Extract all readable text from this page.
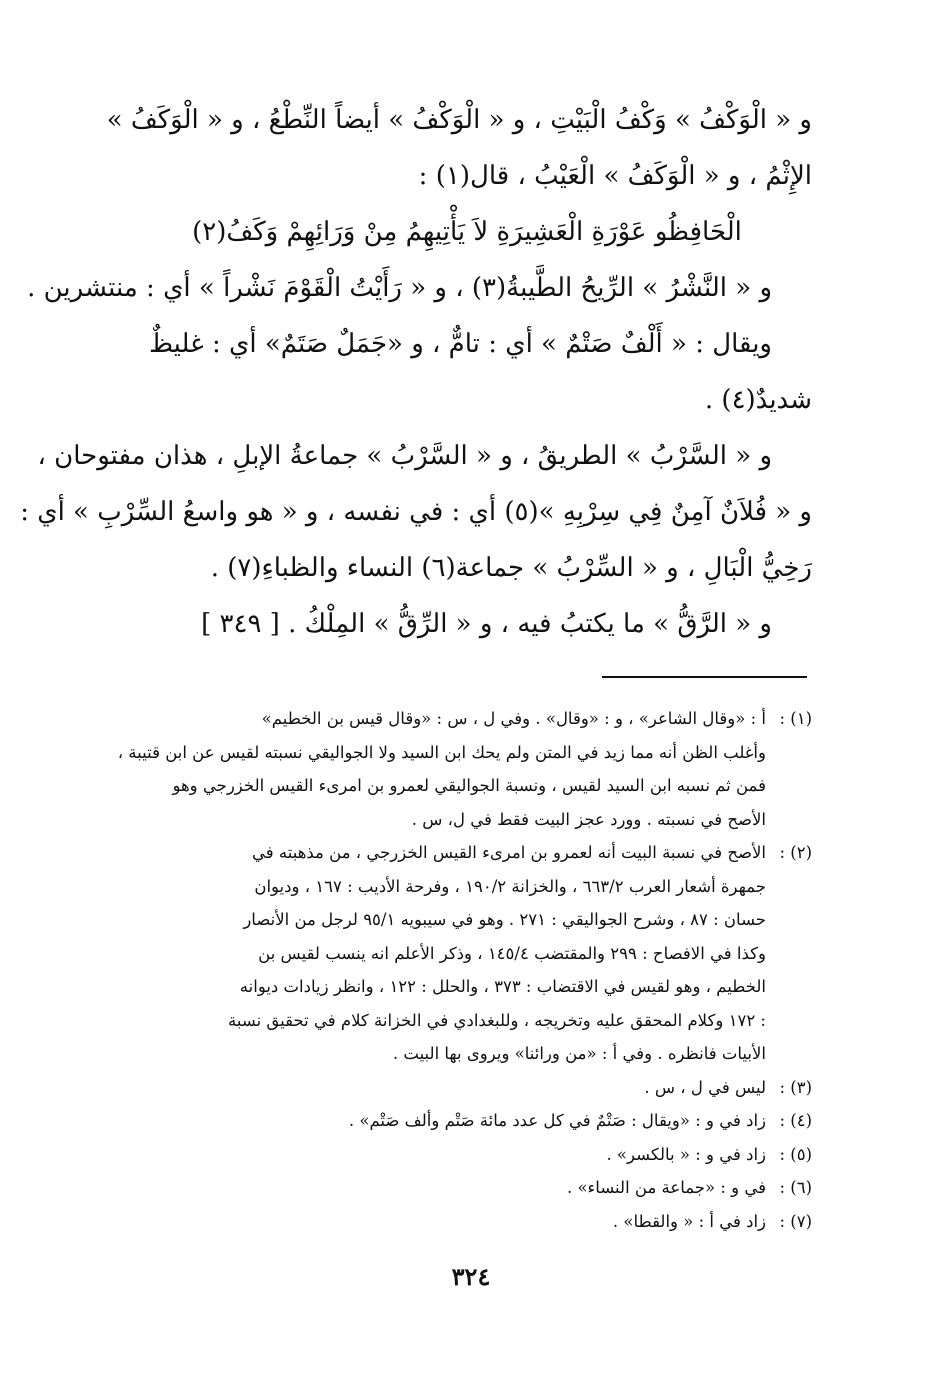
و « الْوَكْفُ » وَكْفُ الْبَيْتِ ، و « الْوَكْفُ » أيضاً النِّطْعُ ، و « الْوَكَفُ »
الإِثْمُ ، و « الْوَكَفُ » الْعَيْبُ ، قال(١) :
الْحَافِظُو عَوْرَةِ الْعَشِيرَةِ لاَ يَأْتِيهِمُ مِنْ وَرَائِهِمْ وَكَفُ(٢)
و « النَّشْرُ » الرِّيحُ الطَّيبةُ(٣) ، و « رَأَيْتُ الْقَوْمَ نَشْراً » أي : منتشرين .
ويقال : « أَلْفٌ صَتْمٌ » أي : تامٌّ ، و «جَمَلٌ صَتَمٌ» أي : غليظٌ
شديدٌ(٤) .
و « السَّرْبُ » الطريقُ ، و « السَّرْبُ » جماعةُ الإبلِ ، هذان مفتوحان ،
و « فُلاَنٌ آمِنٌ فِي سِرْبِهِ »(٥) أي : في نفسه ، و « هو واسعُ السِّرْبِ » أي :
رَخِيُّ الْبَالِ ، و « السِّرْبُ » جماعة(٦) النساء والظباءِ(٧) .
و « الرَّقُّ » ما يكتبُ فيه ، و « الرِّقُّ » المِلْكُ . [ ٣٤٩ ]
(١) :
أ : «وقال الشاعر» ، و : «وقال» . وفي ل ، س : «وقال قيس بن الخطيم»
وأغلب الظن أنه مما زيد في المتن ولم يحك ابن السيد ولا الجواليقي نسبته لقيس عن ابن قتيبة ،
فمن ثم نسبه ابن السيد لقيس ، ونسبة الجواليقي لعمرو بن امرىء القيس الخزرجي وهو
الأصح في نسبته . وورد عجز البيت فقط في ل، س .
(٢) :
الأصح في نسبة البيت أنه لعمرو بن امرىء القيس الخزرجي ، من مذهبته في
جمهرة أشعار العرب ٦٦٣/٢ ، والخزانة ١٩٠/٢ ، وفرحة الأديب : ١٦٧ ، وديوان
حسان : ٨٧ ، وشرح الجواليقي : ٢٧١ . وهو في سيبويه ٩٥/١ لرجل من الأنصار
وكذا في الافصاح : ٢٩٩ والمقتضب ١٤٥/٤ ، وذكر الأعلم انه ينسب لقيس بن
الخطيم ، وهو لقيس في الاقتضاب : ٣٧٣ ، والحلل : ١٢٢ ، وانظر زيادات ديوانه
: ١٧٢ وكلام المحقق عليه وتخريجه ، وللبغدادي في الخزانة كلام في تحقيق نسبة
الأبيات فانظره . وفي أ : «من ورائنا» ويروى بها البيت .
(٣) :
ليس في ل ، س .
(٤) :
زاد في و : «ويقال : صَتْمٌ في كل عدد مائة صَتْم وألف صَتْم» .
(٥) :
زاد في و : « بالكسر» .
(٦) :
في و : «جماعة من النساء» .
(٧) :
زاد في أ : « والقطا» .
٣٢٤
